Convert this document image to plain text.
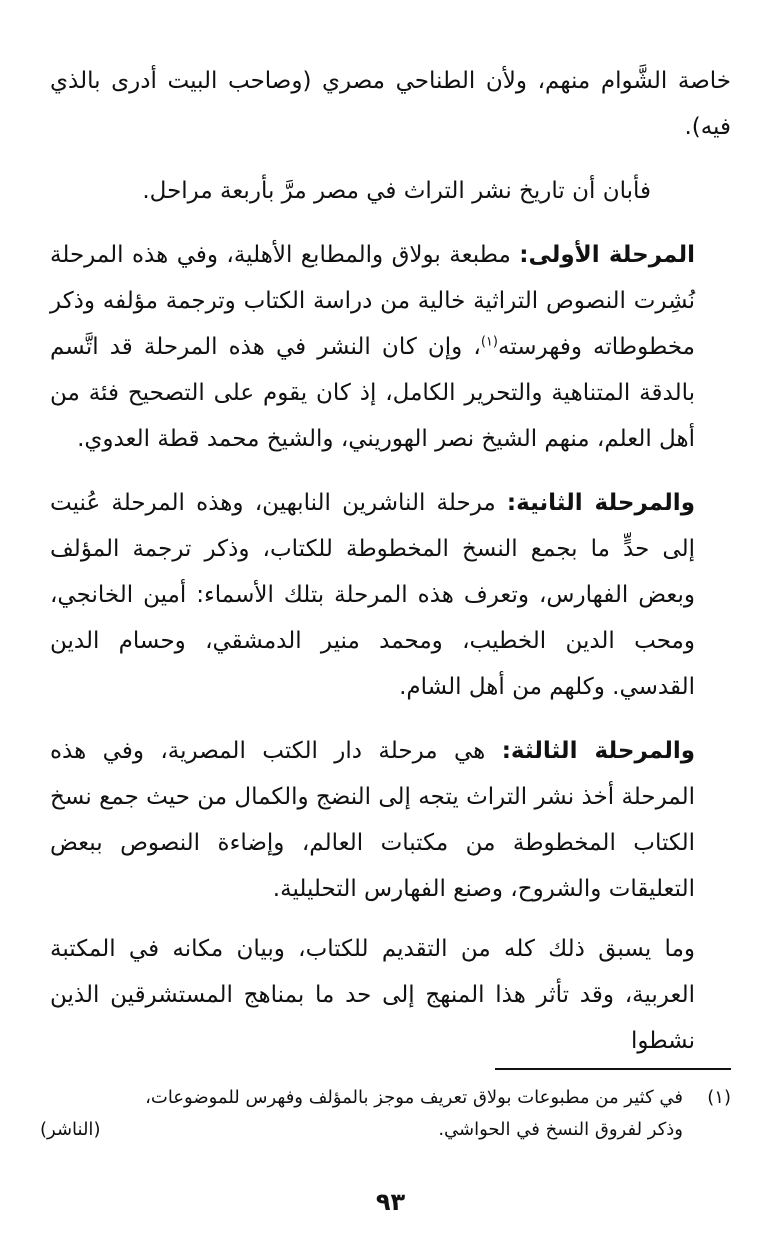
خاصة الشَّوام منهم، ولأن الطناحي مصري (وصاحب البيت أدرى بالذي فيه).

فأبان أن تاريخ نشر التراث في مصر مرَّ بأربعة مراحل.

المرحلة الأولى: مطبعة بولاق والمطابع الأهلية، وفي هذه المرحلة نُشِرت النصوص التراثية خالية من دراسة الكتاب وترجمة مؤلفه وذكر مخطوطاته وفهرسته$^{(١)}$، وإن كان النشر في هذه المرحلة قد اتَّسم بالدقة المتناهية والتحرير الكامل، إذ كان يقوم على التصحيح فئة من أهل العلم، منهم الشيخ نصر الهوريني، والشيخ محمد قطة العدوي.

والمرحلة الثانية: مرحلة الناشرين النابهين، وهذه المرحلة عُنيت إلى حدٍّ ما بجمع النسخ المخطوطة للكتاب، وذكر ترجمة المؤلف وبعض الفهارس، وتعرف هذه المرحلة بتلك الأسماء: أمين الخانجي، ومحب الدين الخطيب، ومحمد منير الدمشقي، وحسام الدين القدسي. وكلهم من أهل الشام.

والمرحلة الثالثة: هي مرحلة دار الكتب المصرية، وفي هذه المرحلة أخذ نشر التراث يتجه إلى النضج والكمال من حيث جمع نسخ الكتاب المخطوطة من مكتبات العالم، وإضاءة النصوص ببعض التعليقات والشروح، وصنع الفهارس التحليلية.

وما يسبق ذلك كله من التقديم للكتاب، وبيان مكانه في المكتبة العربية، وقد تأثر هذا المنهج إلى حد ما بمناهج المستشرقين الذين نشطوا

(١)
في كثير من مطبوعات بولاق تعريف موجز بالمؤلف وفهرس للموضوعات،
وذكر لفروق النسخ في الحواشي.
(الناشر)
٩٣
